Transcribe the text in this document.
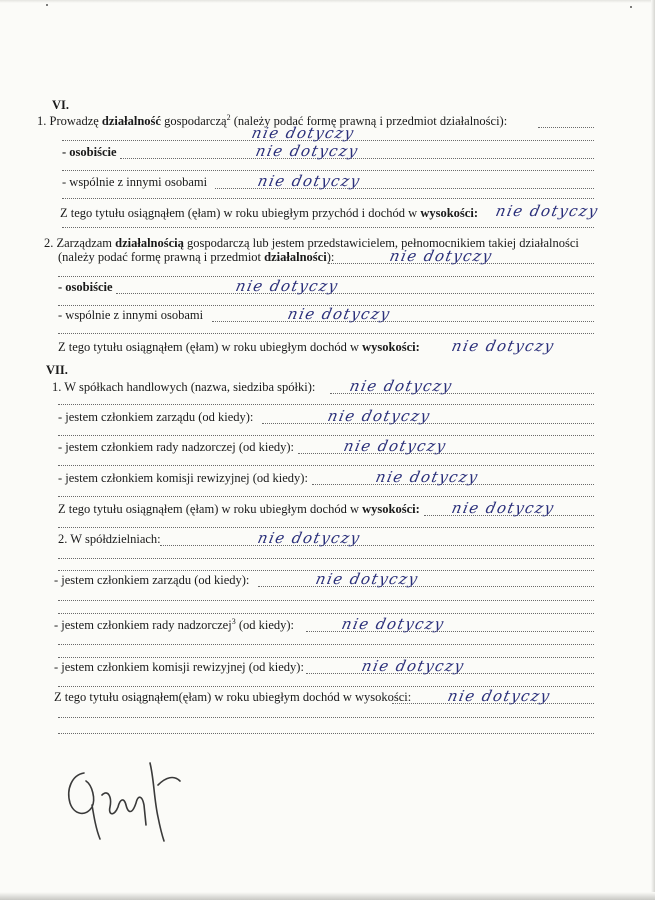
VI.
1. Prowadzę działalność gospodarczą$^2$ (należy podać formę prawną i przedmiot działalności):
nie dotyczy
- osobiście	nie dotyczy
- wspólnie z innymi osobami	nie dotyczy
Z tego tytułu osiągnąłem (ęłam) w roku ubiegłym przychód i dochód w wysokości: nie dotyczy
2. Zarządzam działalnością gospodarczą lub jestem przedstawicielem, pełnomocnikiem takiej działalności
(należy podać formę prawną i przedmiot działalności):	nie dotyczy
- osobiście	nie dotyczy
- wspólnie z innymi osobami	nie dotyczy
Z tego tytułu osiągnąłem (ęłam) w roku ubiegłym dochód w wysokości: nie dotyczy
VII.
1. W spółkach handlowych (nazwa, siedziba spółki): nie dotyczy
- jestem członkiem zarządu (od kiedy):	nie dotyczy
- jestem członkiem rady nadzorczej (od kiedy):	nie dotyczy
- jestem członkiem komisji rewizyjnej (od kiedy):	nie dotyczy
Z tego tytułu osiągnąłem (ęłam) w roku ubiegłym dochód w wysokości: nie dotyczy
2. W spółdzielniach:	nie dotyczy
- jestem członkiem zarządu (od kiedy):	nie dotyczy
- jestem członkiem rady nadzorczej$^3$ (od kiedy):	nie dotyczy
- jestem członkiem komisji rewizyjnej (od kiedy):	nie dotyczy
Z tego tytułu osiągnąłem(ęłam) w roku ubiegłym dochód w wysokości: nie dotyczy
